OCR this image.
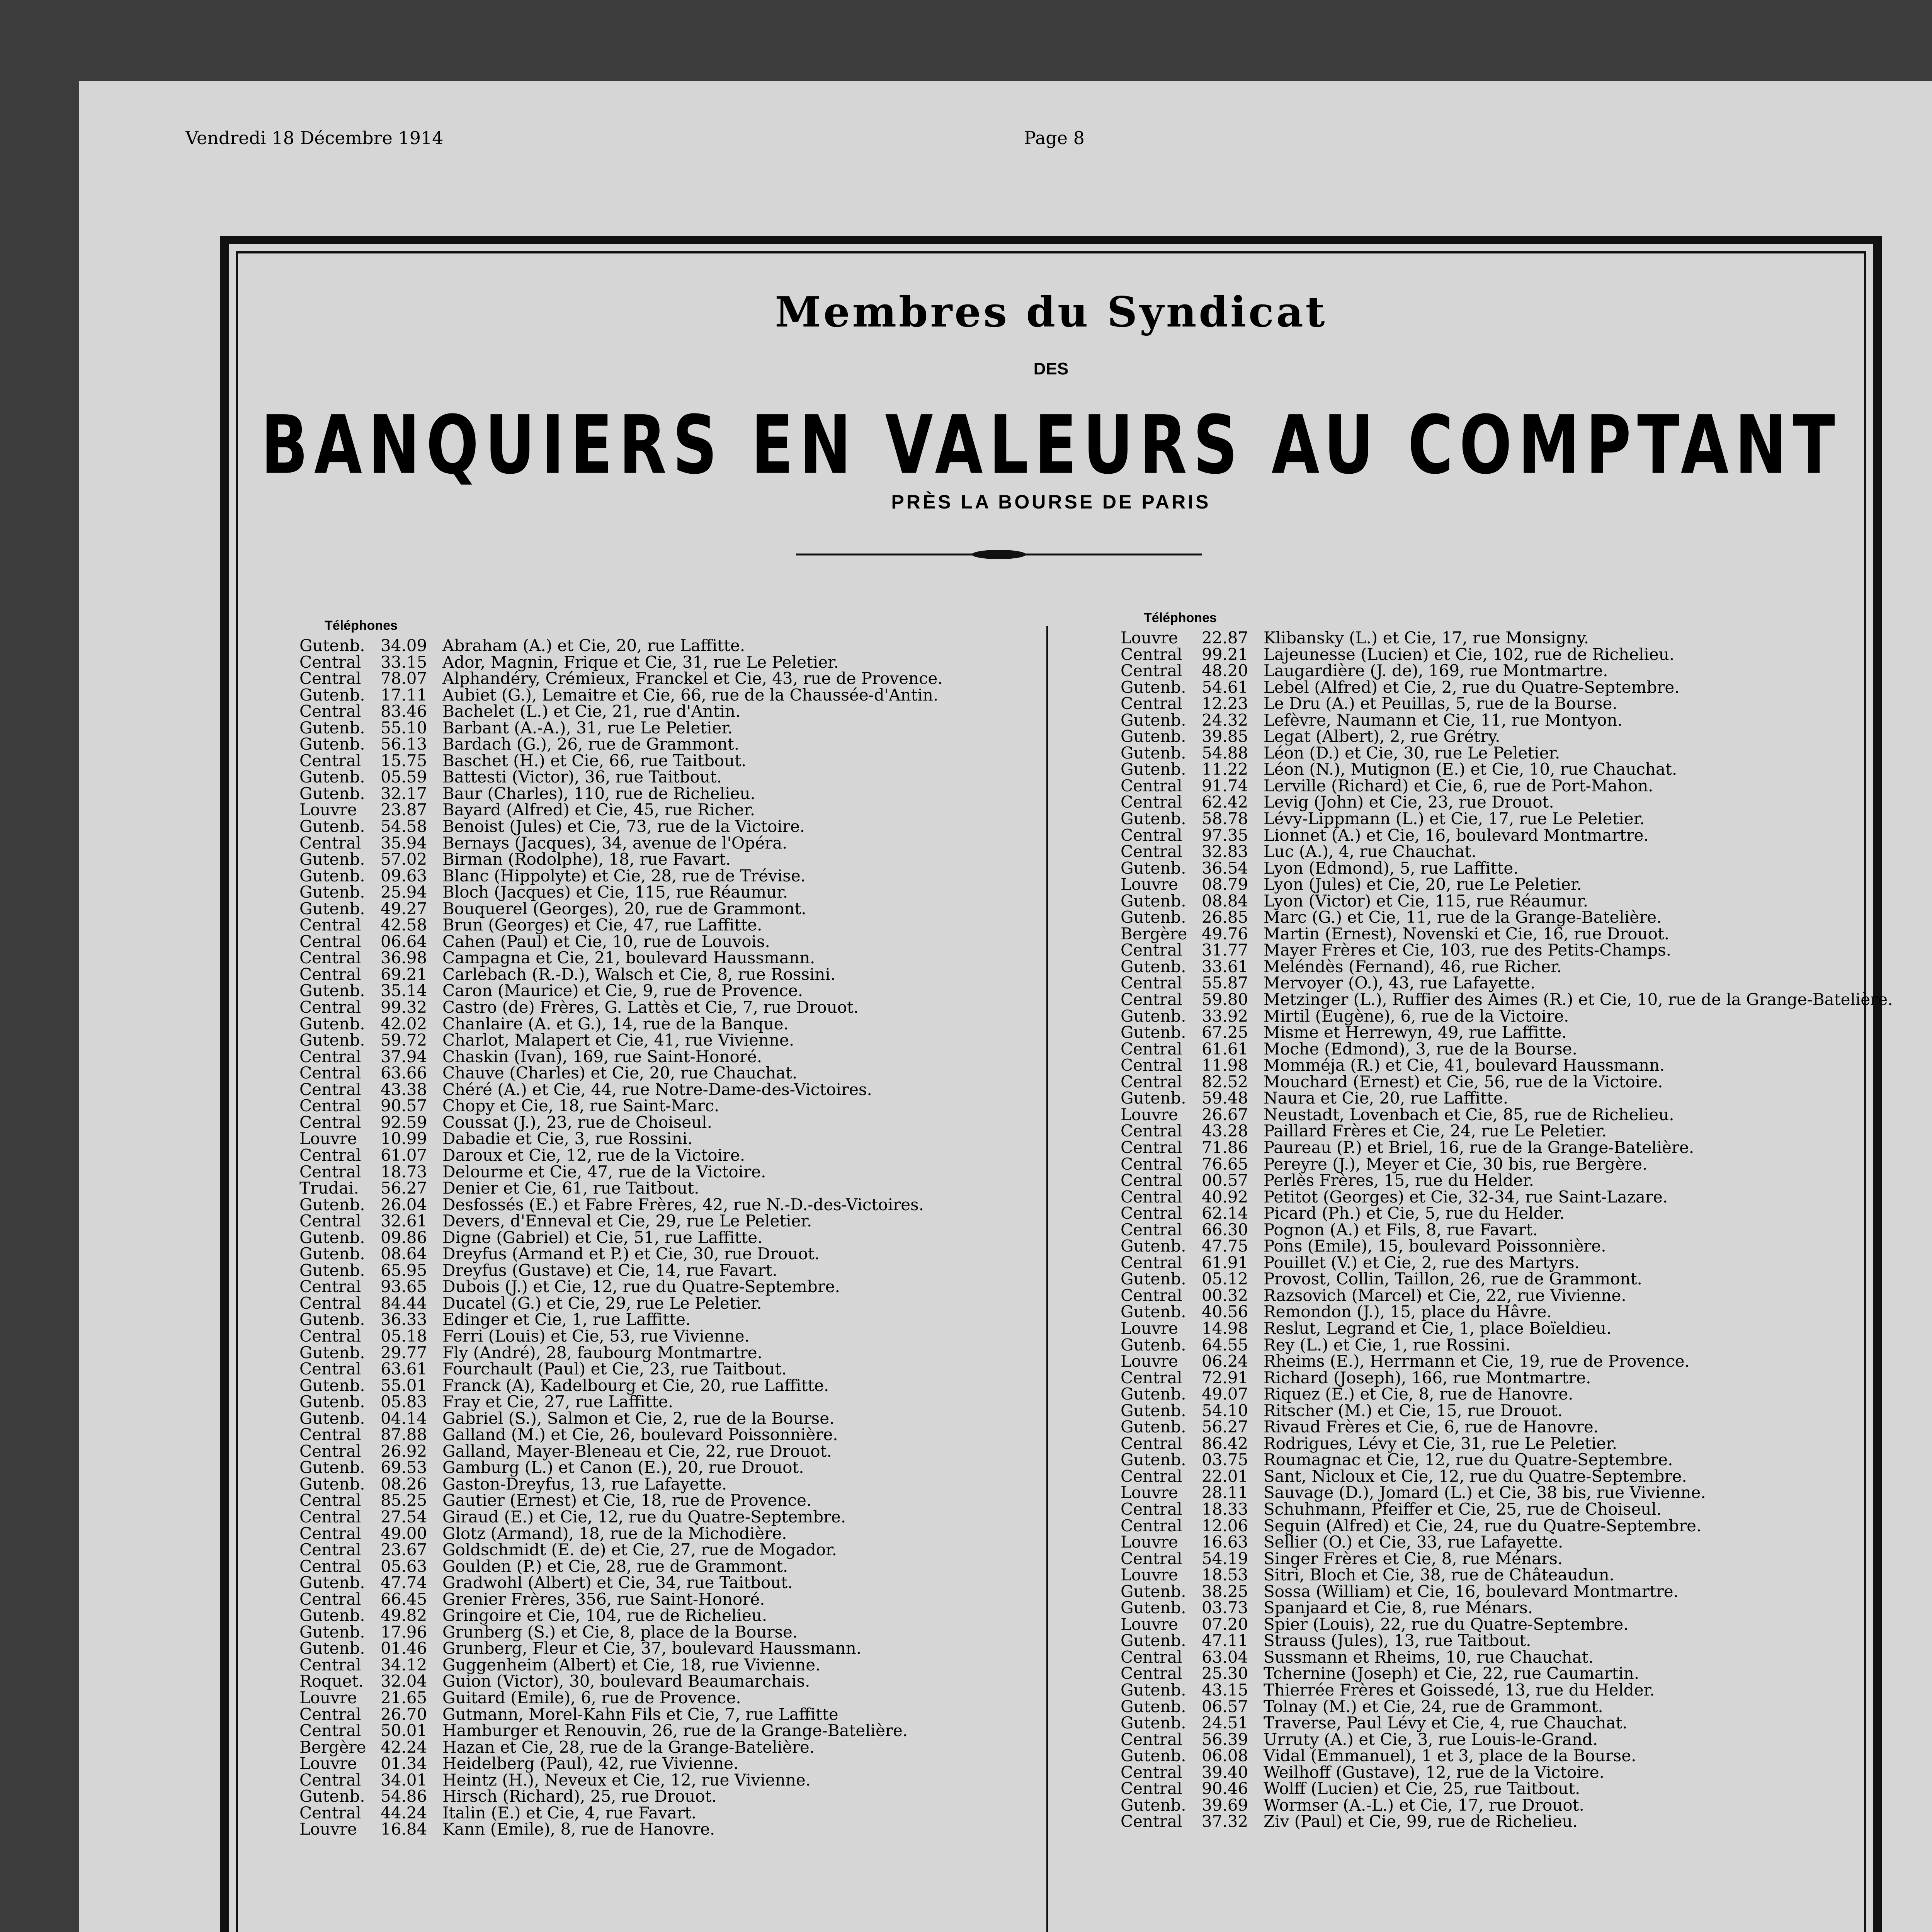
Vendredi 18 Décembre 1914	Page 8
Membres du Syndicat
DES
BANQUIERS EN VALEURS AU COMPTANT
PRÈS LA BOURSE DE PARIS
Téléphones
Téléphones
Gutenb. 34.09 Abraham (A.) et Cie, 20, rue Laffitte.
Central 33.15 Ador, Magnin, Frique et Cie, 31, rue Le Peletier.
Central 78.07 Alphandéry, Crémieux, Franckel et Cie, 43, rue de Provence.
Gutenb. 17.11 Aubiet (G.), Lemaitre et Cie, 66, rue de la Chaussée-d'Antin.
Central 83.46 Bachelet (L.) et Cie, 21, rue d'Antin.
Gutenb. 55.10 Barbant (A.-A.), 31, rue Le Peletier.
Gutenb. 56.13 Bardach (G.), 26, rue de Grammont.
Central 15.75 Baschet (H.) et Cie, 66, rue Taitbout.
Gutenb. 05.59 Battesti (Victor), 36, rue Taitbout.
Gutenb. 32.17 Baur (Charles), 110, rue de Richelieu.
Louvre 23.87 Bayard (Alfred) et Cie, 45, rue Richer.
Gutenb. 54.58 Benoist (Jules) et Cie, 73, rue de la Victoire.
Central 35.94 Bernays (Jacques), 34, avenue de l'Opéra.
Gutenb. 57.02 Birman (Rodolphe), 18, rue Favart.
Gutenb. 09.63 Blanc (Hippolyte) et Cie, 28, rue de Trévise.
Gutenb. 25.94 Bloch (Jacques) et Cie, 115, rue Réaumur.
Gutenb. 49.27 Bouquerel (Georges), 20, rue de Grammont.
Central 42.58 Brun (Georges) et Cie, 47, rue Laffitte.
Central 06.64 Cahen (Paul) et Cie, 10, rue de Louvois.
Central 36.98 Campagna et Cie, 21, boulevard Haussmann.
Central 69.21 Carlebach (R.-D.), Walsch et Cie, 8, rue Rossini.
Gutenb. 35.14 Caron (Maurice) et Cie, 9, rue de Provence.
Central 99.32 Castro (de) Frères, G. Lattès et Cie, 7, rue Drouot.
Gutenb. 42.02 Chanlaire (A. et G.), 14, rue de la Banque.
Gutenb. 59.72 Charlot, Malapert et Cie, 41, rue Vivienne.
Central 37.94 Chaskin (Ivan), 169, rue Saint-Honoré.
Central 63.66 Chauve (Charles) et Cie, 20, rue Chauchat.
Central 43.38 Chéré (A.) et Cie, 44, rue Notre-Dame-des-Victoires.
Central 90.57 Chopy et Cie, 18, rue Saint-Marc.
Central 92.59 Coussat (J.), 23, rue de Choiseul.
Louvre 10.99 Dabadie et Cie, 3, rue Rossini.
Central 61.07 Daroux et Cie, 12, rue de la Victoire.
Central 18.73 Delourme et Cie, 47, rue de la Victoire.
Trudai. 56.27 Denier et Cie, 61, rue Taitbout.
Gutenb. 26.04 Desfossés (E.) et Fabre Frères, 42, rue N.-D.-des-Victoires.
Central 32.61 Devers, d'Enneval et Cie, 29, rue Le Peletier.
Gutenb. 09.86 Digne (Gabriel) et Cie, 51, rue Laffitte.
Gutenb. 08.64 Dreyfus (Armand et P.) et Cie, 30, rue Drouot.
Gutenb. 65.95 Dreyfus (Gustave) et Cie, 14, rue Favart.
Central 93.65 Dubois (J.) et Cie, 12, rue du Quatre-Septembre.
Central 84.44 Ducatel (G.) et Cie, 29, rue Le Peletier.
Gutenb. 36.33 Edinger et Cie, 1, rue Laffitte.
Central 05.18 Ferri (Louis) et Cie, 53, rue Vivienne.
Gutenb. 29.77 Fly (André), 28, faubourg Montmartre.
Central 63.61 Fourchault (Paul) et Cie, 23, rue Taitbout.
Gutenb. 55.01 Franck (A), Kadelbourg et Cie, 20, rue Laffitte.
Gutenb. 05.83 Fray et Cie, 27, rue Laffitte.
Gutenb. 04.14 Gabriel (S.), Salmon et Cie, 2, rue de la Bourse.
Central 87.88 Galland (M.) et Cie, 26, boulevard Poissonnière.
Central 26.92 Galland, Mayer-Bleneau et Cie, 22, rue Drouot.
Gutenb. 69.53 Gamburg (L.) et Canon (E.), 20, rue Drouot.
Gutenb. 08.26 Gaston-Dreyfus, 13, rue Lafayette.
Central 85.25 Gautier (Ernest) et Cie, 18, rue de Provence.
Central 27.54 Giraud (E.) et Cie, 12, rue du Quatre-Septembre.
Central 49.00 Glotz (Armand), 18, rue de la Michodière.
Central 23.67 Goldschmidt (E. de) et Cie, 27, rue de Mogador.
Central 05.63 Goulden (P.) et Cie, 28, rue de Grammont.
Gutenb. 47.74 Gradwohl (Albert) et Cie, 34, rue Taitbout.
Central 66.45 Grenier Frères, 356, rue Saint-Honoré.
Gutenb. 49.82 Gringoire et Cie, 104, rue de Richelieu.
Gutenb. 17.96 Grunberg (S.) et Cie, 8, place de la Bourse.
Gutenb. 01.46 Grunberg, Fleur et Cie, 37, boulevard Haussmann.
Central 34.12 Guggenheim (Albert) et Cie, 18, rue Vivienne.
Roquet. 32.04 Guion (Victor), 30, boulevard Beaumarchais.
Louvre 21.65 Guitard (Emile), 6, rue de Provence.
Central 26.70 Gutmann, Morel-Kahn Fils et Cie, 7, rue Laffitte
Central 50.01 Hamburger et Renouvin, 26, rue de la Grange-Batelière.
Bergère 42.24 Hazan et Cie, 28, rue de la Grange-Batelière.
Louvre 01.34 Heidelberg (Paul), 42, rue Vivienne.
Central 34.01 Heintz (H.), Neveux et Cie, 12, rue Vivienne.
Gutenb. 54.86 Hirsch (Richard), 25, rue Drouot.
Central 44.24 Italin (E.) et Cie, 4, rue Favart.
Louvre 16.84 Kann (Emile), 8, rue de Hanovre.
Louvre 22.87 Klibansky (L.) et Cie, 17, rue Monsigny.
Central 99.21 Lajeunesse (Lucien) et Cie, 102, rue de Richelieu.
Central 48.20 Laugardière (J. de), 169, rue Montmartre.
Gutenb. 54.61 Lebel (Alfred) et Cie, 2, rue du Quatre-Septembre.
Central 12.23 Le Dru (A.) et Peuillas, 5, rue de la Bourse.
Gutenb. 24.32 Lefèvre, Naumann et Cie, 11, rue Montyon.
Gutenb. 39.85 Legat (Albert), 2, rue Grétry.
Gutenb. 54.88 Léon (D.) et Cie, 30, rue Le Peletier.
Gutenb. 11.22 Léon (N.), Mutignon (E.) et Cie, 10, rue Chauchat.
Central 91.74 Lerville (Richard) et Cie, 6, rue de Port-Mahon.
Central 62.42 Levig (John) et Cie, 23, rue Drouot.
Gutenb. 58.78 Lévy-Lippmann (L.) et Cie, 17, rue Le Peletier.
Central 97.35 Lionnet (A.) et Cie, 16, boulevard Montmartre.
Central 32.83 Luc (A.), 4, rue Chauchat.
Gutenb. 36.54 Lyon (Edmond), 5, rue Laffitte.
Louvre 08.79 Lyon (Jules) et Cie, 20, rue Le Peletier.
Gutenb. 08.84 Lyon (Victor) et Cie, 115, rue Réaumur.
Gutenb. 26.85 Marc (G.) et Cie, 11, rue de la Grange-Batelière.
Bergère 49.76 Martin (Ernest), Novenski et Cie, 16, rue Drouot.
Central 31.77 Mayer Frères et Cie, 103, rue des Petits-Champs.
Gutenb. 33.61 Meléndès (Fernand), 46, rue Richer.
Central 55.87 Mervoyer (O.), 43, rue Lafayette.
Central 59.80 Metzinger (L.), Ruffier des Aimes (R.) et Cie, 10, rue de la Grange-Batelière.
Gutenb. 33.92 Mirtil (Eugène), 6, rue de la Victoire.
Gutenb. 67.25 Misme et Herrewyn, 49, rue Laffitte.
Central 61.61 Moche (Edmond), 3, rue de la Bourse.
Central 11.98 Momméja (R.) et Cie, 41, boulevard Haussmann.
Central 82.52 Mouchard (Ernest) et Cie, 56, rue de la Victoire.
Gutenb. 59.48 Naura et Cie, 20, rue Laffitte.
Louvre 26.67 Neustadt, Lovenbach et Cie, 85, rue de Richelieu.
Central 43.28 Paillard Frères et Cie, 24, rue Le Peletier.
Central 71.86 Paureau (P.) et Briel, 16, rue de la Grange-Batelière.
Central 76.65 Pereyre (J.), Meyer et Cie, 30 bis, rue Bergère.
Central 00.57 Perlès Frères, 15, rue du Helder.
Central 40.92 Petitot (Georges) et Cie, 32-34, rue Saint-Lazare.
Central 62.14 Picard (Ph.) et Cie, 5, rue du Helder.
Central 66.30 Pognon (A.) et Fils, 8, rue Favart.
Gutenb. 47.75 Pons (Emile), 15, boulevard Poissonnière.
Central 61.91 Pouillet (V.) et Cie, 2, rue des Martyrs.
Gutenb. 05.12 Provost, Collin, Taillon, 26, rue de Grammont.
Central 00.32 Razsovich (Marcel) et Cie, 22, rue Vivienne.
Gutenb. 40.56 Remondon (J.), 15, place du Hâvre.
Louvre 14.98 Reslut, Legrand et Cie, 1, place Boïeldieu.
Gutenb. 64.55 Rey (L.) et Cie, 1, rue Rossini.
Louvre 06.24 Rheims (E.), Herrmann et Cie, 19, rue de Provence.
Central 72.91 Richard (Joseph), 166, rue Montmartre.
Gutenb. 49.07 Riquez (E.) et Cie, 8, rue de Hanovre.
Gutenb. 54.10 Ritscher (M.) et Cie, 15, rue Drouot.
Gutenb. 56.27 Rivaud Frères et Cie, 6, rue de Hanovre.
Central 86.42 Rodrigues, Lévy et Cie, 31, rue Le Peletier.
Gutenb. 03.75 Roumagnac et Cie, 12, rue du Quatre-Septembre.
Central 22.01 Sant, Nicloux et Cie, 12, rue du Quatre-Septembre.
Louvre 28.11 Sauvage (D.), Jomard (L.) et Cie, 38 bis, rue Vivienne.
Central 18.33 Schuhmann, Pfeiffer et Cie, 25, rue de Choiseul.
Central 12.06 Seguin (Alfred) et Cie, 24, rue du Quatre-Septembre.
Louvre 16.63 Sellier (O.) et Cie, 33, rue Lafayette.
Central 54.19 Singer Frères et Cie, 8, rue Ménars.
Louvre 18.53 Sitri, Bloch et Cie, 38, rue de Châteaudun.
Gutenb. 38.25 Sossa (William) et Cie, 16, boulevard Montmartre.
Gutenb. 03.73 Spanjaard et Cie, 8, rue Ménars.
Louvre 07.20 Spier (Louis), 22, rue du Quatre-Septembre.
Gutenb. 47.11 Strauss (Jules), 13, rue Taitbout.
Central 63.04 Sussmann et Rheims, 10, rue Chauchat.
Central 25.30 Tchernine (Joseph) et Cie, 22, rue Caumartin.
Gutenb. 43.15 Thierrée Frères et Goissedé, 13, rue du Helder.
Gutenb. 06.57 Tolnay (M.) et Cie, 24, rue de Grammont.
Gutenb. 24.51 Traverse, Paul Lévy et Cie, 4, rue Chauchat.
Central 56.39 Urruty (A.) et Cie, 3, rue Louis-le-Grand.
Gutenb. 06.08 Vidal (Emmanuel), 1 et 3, place de la Bourse.
Central 39.40 Weilhoff (Gustave), 12, rue de la Victoire.
Central 90.46 Wolff (Lucien) et Cie, 25, rue Taitbout.
Gutenb. 39.69 Wormser (A.-L.) et Cie, 17, rue Drouot.
Central 37.32 Ziv (Paul) et Cie, 99, rue de Richelieu.
